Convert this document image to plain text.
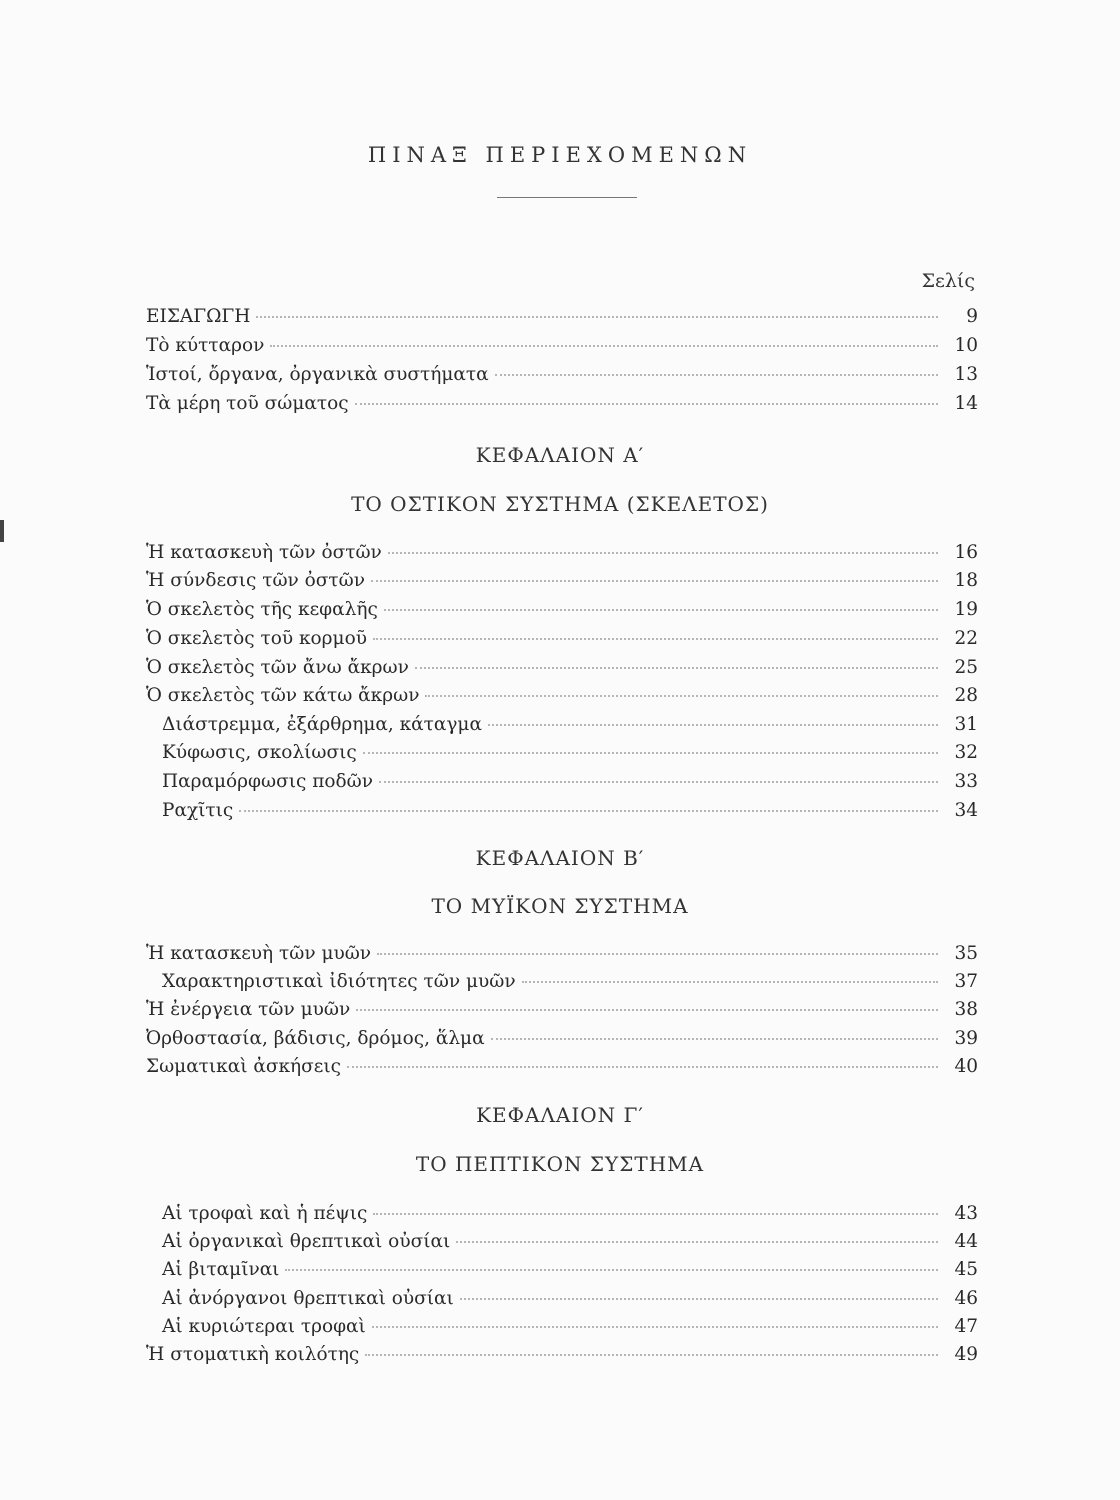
ΠΙΝΑΞ ΠΕΡΙΕΧΟΜΕΝΩΝ
Σελίς
ΕΙΣΑΓΩΓΗ	9
Τὸ κύτταρον	10
Ἱστοί, ὄργανα, ὀργανικὰ συστήματα	13
Τὰ μέρη τοῦ σώματος	14
ΚΕΦΑΛΑΙΟΝ Α′
ΤΟ ΟΣΤΙΚΟΝ ΣΥΣΤΗΜΑ (ΣΚΕΛΕΤΟΣ)
Ἡ κατασκευὴ τῶν ὀστῶν	16
Ἡ σύνδεσις τῶν ὀστῶν	18
Ὁ σκελετὸς τῆς κεφαλῆς	19
Ὁ σκελετὸς τοῦ κορμοῦ	22
Ὁ σκελετὸς τῶν ἄνω ἄκρων	25
Ὁ σκελετὸς τῶν κάτω ἄκρων	28
Διάστρεμμα, ἐξάρθρημα, κάταγμα	31
Κύφωσις, σκολίωσις	32
Παραμόρφωσις ποδῶν	33
Ραχῖτις	34
ΚΕΦΑΛΑΙΟΝ Β′
ΤΟ ΜΥΪΚΟΝ ΣΥΣΤΗΜΑ
Ἡ κατασκευὴ τῶν μυῶν	35
Χαρακτηριστικαὶ ἰδιότητες τῶν μυῶν	37
Ἡ ἐνέργεια τῶν μυῶν	38
Ὀρθοστασία, βάδισις, δρόμος, ἅλμα	39
Σωματικαὶ ἀσκήσεις	40
ΚΕΦΑΛΑΙΟΝ Γ′
ΤΟ ΠΕΠΤΙΚΟΝ ΣΥΣΤΗΜΑ
Αἱ τροφαὶ καὶ ἡ πέψις	43
Αἱ ὀργανικαὶ θρεπτικαὶ οὐσίαι	44
Αἱ βιταμῖναι	45
Αἱ ἀνόργανοι θρεπτικαὶ οὐσίαι	46
Αἱ κυριώτεραι τροφαὶ	47
Ἡ στοματικὴ κοιλότης	49
